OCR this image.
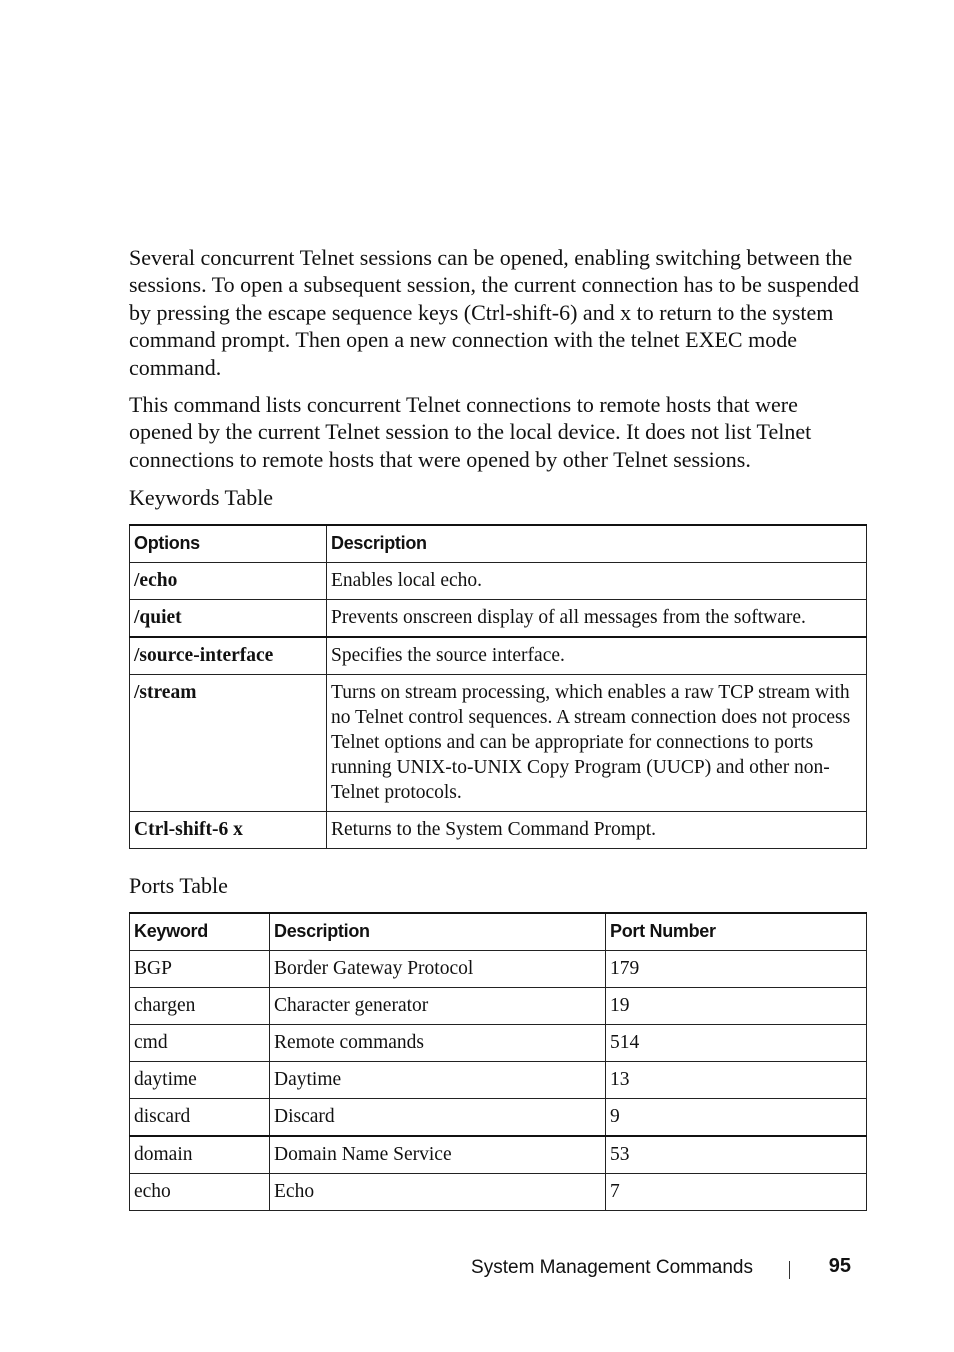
Several concurrent Telnet sessions can be opened, enabling switching between the sessions. To open a subsequent session, the current connection has to be suspended by pressing the escape sequence keys (Ctrl-shift-6) and x to return to the system command prompt. Then open a new connection with the telnet EXEC mode command.

This command lists concurrent Telnet connections to remote hosts that were opened by the current Telnet session to the local device. It does not list Telnet connections to remote hosts that were opened by other Telnet sessions.

Keywords Table
Options	Description
/echo	Enables local echo.
/quiet	Prevents onscreen display of all messages from the software.
/source-interface	Specifies the source interface.
/stream	Turns on stream processing, which enables a raw TCP stream with no Telnet control sequences. A stream connection does not process Telnet options and can be appropriate for connections to ports running UNIX-to-UNIX Copy Program (UUCP) and other non-Telnet protocols.
Ctrl-shift-6 x	Returns to the System Command Prompt.
Ports Table
Keyword	Description	Port Number
BGP	Border Gateway Protocol	179
chargen	Character generator	19
cmd	Remote commands	514
daytime	Daytime	13
discard	Discard	9
domain	Domain Name Service	53
echo	Echo	7
System Management Commands	95
